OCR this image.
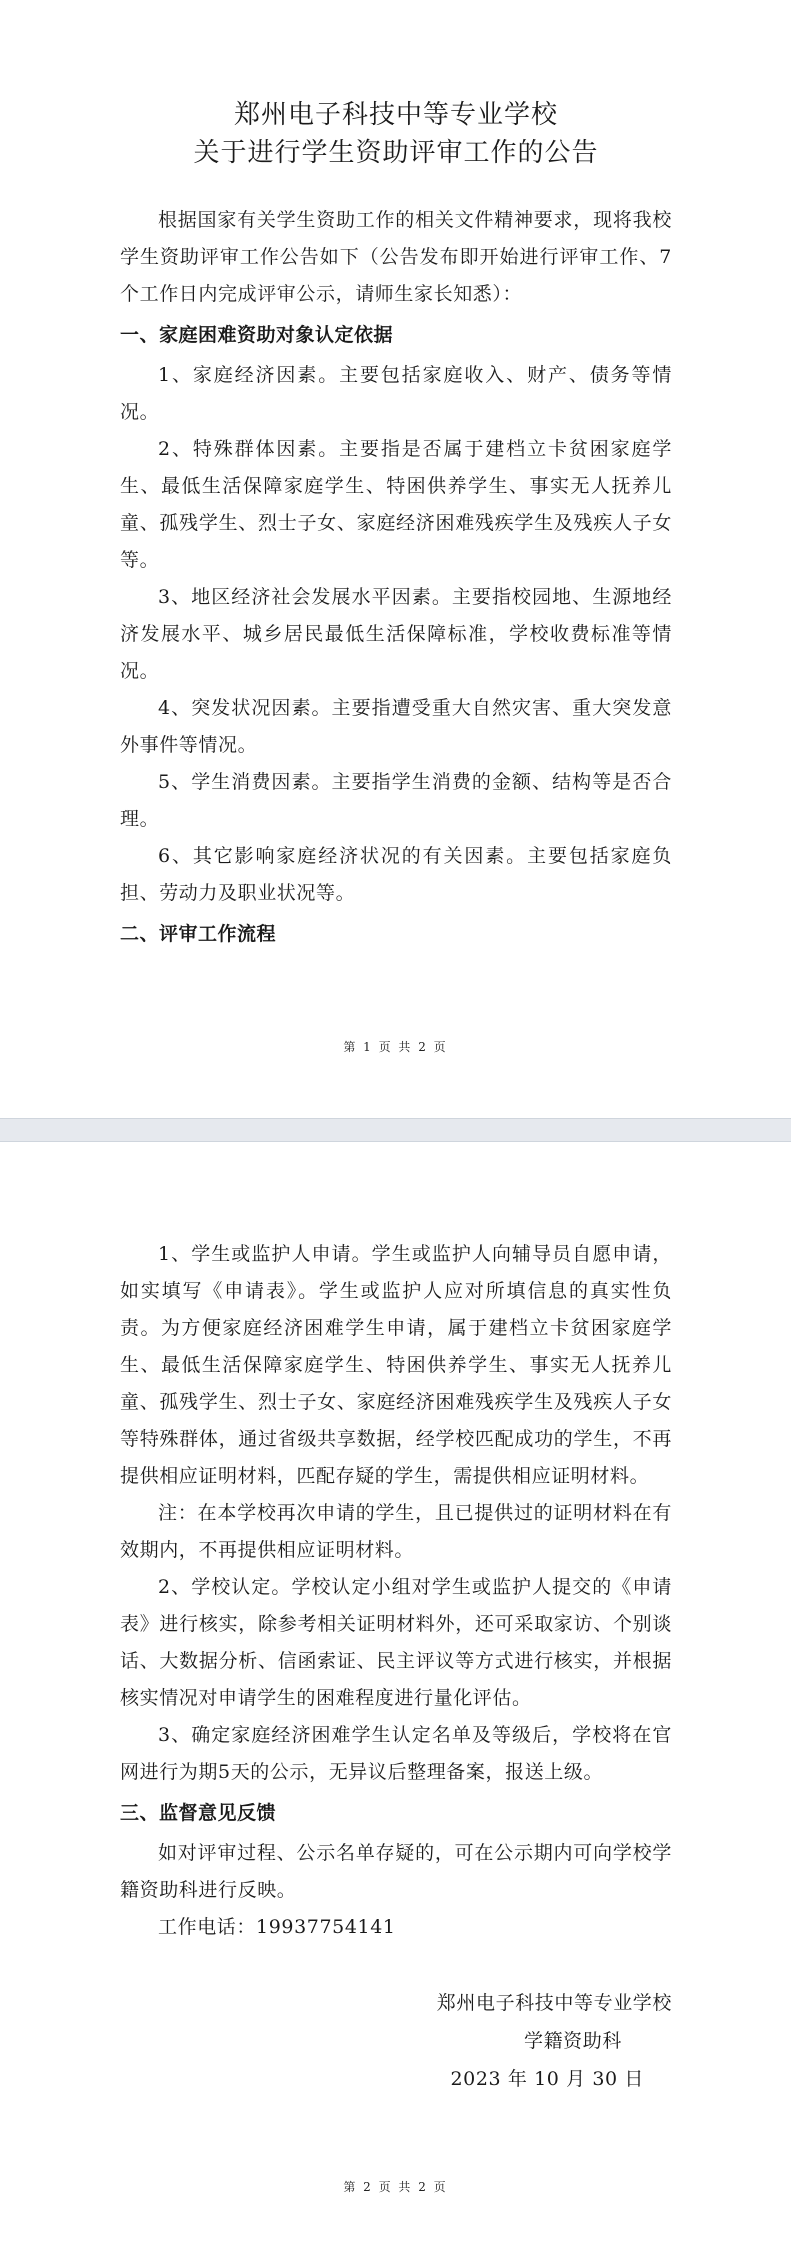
郑州电子科技中等专业学校
关于进行学生资助评审工作的公告

根据国家有关学生资助工作的相关文件精神要求，现将我校学生资助评审工作公告如下（公告发布即开始进行评审工作、7个工作日内完成评审公示，请师生家长知悉）：

一、家庭困难资助对象认定依据

1、家庭经济因素。主要包括家庭收入、财产、债务等情况。

2、特殊群体因素。主要指是否属于建档立卡贫困家庭学生、最低生活保障家庭学生、特困供养学生、事实无人抚养儿童、孤残学生、烈士子女、家庭经济困难残疾学生及残疾人子女等。

3、地区经济社会发展水平因素。主要指校园地、生源地经济发展水平、城乡居民最低生活保障标准，学校收费标准等情况。

4、突发状况因素。主要指遭受重大自然灾害、重大突发意外事件等情况。

5、学生消费因素。主要指学生消费的金额、结构等是否合理。

6、其它影响家庭经济状况的有关因素。主要包括家庭负担、劳动力及职业状况等。

二、评审工作流程
第 1 页 共 2 页

1、学生或监护人申请。学生或监护人向辅导员自愿申请，如实填写《申请表》。学生或监护人应对所填信息的真实性负责。为方便家庭经济困难学生申请，属于建档立卡贫困家庭学生、最低生活保障家庭学生、特困供养学生、事实无人抚养儿童、孤残学生、烈士子女、家庭经济困难残疾学生及残疾人子女等特殊群体，通过省级共享数据，经学校匹配成功的学生，不再提供相应证明材料，匹配存疑的学生，需提供相应证明材料。

注：在本学校再次申请的学生，且已提供过的证明材料在有效期内，不再提供相应证明材料。

2、学校认定。学校认定小组对学生或监护人提交的《申请表》进行核实，除参考相关证明材料外，还可采取家访、个别谈话、大数据分析、信函索证、民主评议等方式进行核实，并根据核实情况对申请学生的困难程度进行量化评估。

3、确定家庭经济困难学生认定名单及等级后，学校将在官网进行为期5天的公示，无异议后整理备案，报送上级。

三、监督意见反馈

如对评审过程、公示名单存疑的，可在公示期内可向学校学籍资助科进行反映。

工作电话：19937754141

郑州电子科技中等专业学校
学籍资助科
2023 年 10 月 30 日
第 2 页 共 2 页
